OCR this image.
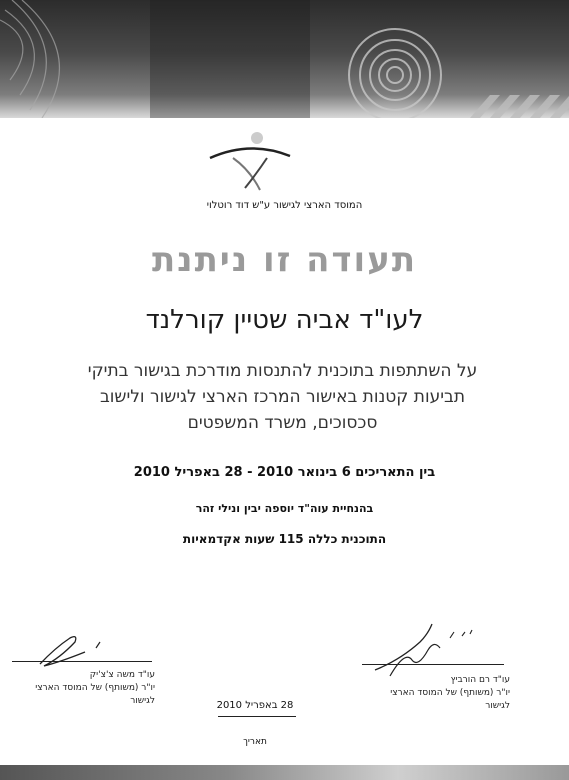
המוסד הארצי לגישור ע"ש דוד רוטלוי
תעודה זו ניתנת
לעו"ד אביה שטיין קורלנד
על השתתפות בתוכנית להתנסות מודרכת בגישור בתיקי
תביעות קטנות באישור המרכז הארצי לגישור ולישוב
סכסוכים, משרד המשפטים
בין התאריכים 6 בינואר 2010 - 28 באפריל 2010
בהנחיית עוה"ד יוספה יבין ונילי זהר
התוכנית כללה 115 שעות אקדמאיות
עו"ד משה צ'צ'יק
יו"ר (משותף) של המוסד הארצי
לגישור
עו"ד רם הורביץ
יו"ר (משותף) של המוסד הארצי
לגישור
28 באפריל 2010
תאריך
